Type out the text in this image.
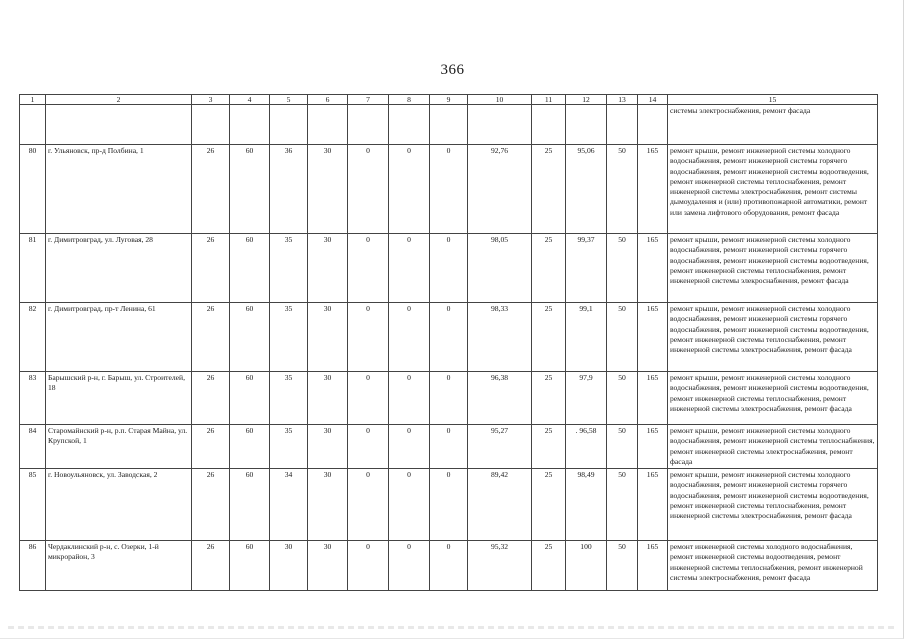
366
1	2	3	4	5	6	7	8	9	10	11	12	13	14	15
														системы электроснабжения, ремонт фасада
80	г. Ульяновск, пр-д Полбина, 1	26	60	36	30	0	0	0	92,76	25	95,06	50	165	ремонт крыши, ремонт инженерной системы холодного водоснабжения, ремонт инженерной системы горячего водоснабжения, ремонт инженерной системы водоотведения, ремонт инженерной системы теплоснабжения, ремонт инженерной системы электроснабжения, ремонт системы дымоудаления и (или) противопожарной автоматики, ремонт или замена лифтового оборудования, ремонт фасада
81	г. Димитровград, ул. Луговая, 28	26	60	35	30	0	0	0	98,05	25	99,37	50	165	ремонт крыши, ремонт инженерной системы холодного водоснабжения, ремонт инженерной системы горячего водоснабжения, ремонт инженерной системы водоотведения, ремонт инженерной системы теплоснабжения, ремонт инженерной системы элекроснабжения, ремонт фасада
82	г. Димитровград, пр-т Ленина, 61	26	60	35	30	0	0	0	98,33	25	99,1	50	165	ремонт крыши, ремонт инженерной системы холодного водоснабжения, ремонт инженерной системы горячего водоснабжения, ремонт инженерной системы водоотведения, ремонт инженерной системы теплоснабжения, ремонт инженерной системы электроснабжения, ремонт фасада
83	Барышский р-н, г. Барыш, ул. Строителей, 18	26	60	35	30	0	0	0	96,38	25	97,9	50	165	ремонт крыши, ремонт инженерной системы холодного водоснабжения, ремонт инженерной системы водоотведения, ремонт инженерной системы теплоснабжения, ремонт инженерной системы электроснабжения, ремонт фасада
84	Старомайнский р-н, р.п. Старая Майна, ул. Крупской, 1	26	60	35	30	0	0	0	95,27	25	. 96,58	50	165	ремонт крыши, ремонт инженерной системы холодного водоснабжения, ремонт инженерной системы теплоснабжения, ремонт инженерной системы электроснабжения, ремонт фасада
85	г. Новоульяновск, ул. Заводская, 2	26	60	34	30	0	0	0	89,42	25	98,49	50	165	ремонт крыши, ремонт инженерной системы холодного водоснабжения, ремонт инженерной системы горячего водоснабжения, ремонт инженерной системы водоотведения, ремонт инженерной системы теплоснабжения, ремонт инженерной системы электроснабжения, ремонт фасада
86	Чердаклинский р-н, с. Озерки, 1-й микрорайон, 3	26	60	30	30	0	0	0	95,32	25	100	50	165	ремонт инженерной системы холодного водоснабжения, ремонт инженерной системы водоотведения, ремонт инженерной системы теплоснабжения, ремонт инженерной системы электроснабжения, ремонт фасада
